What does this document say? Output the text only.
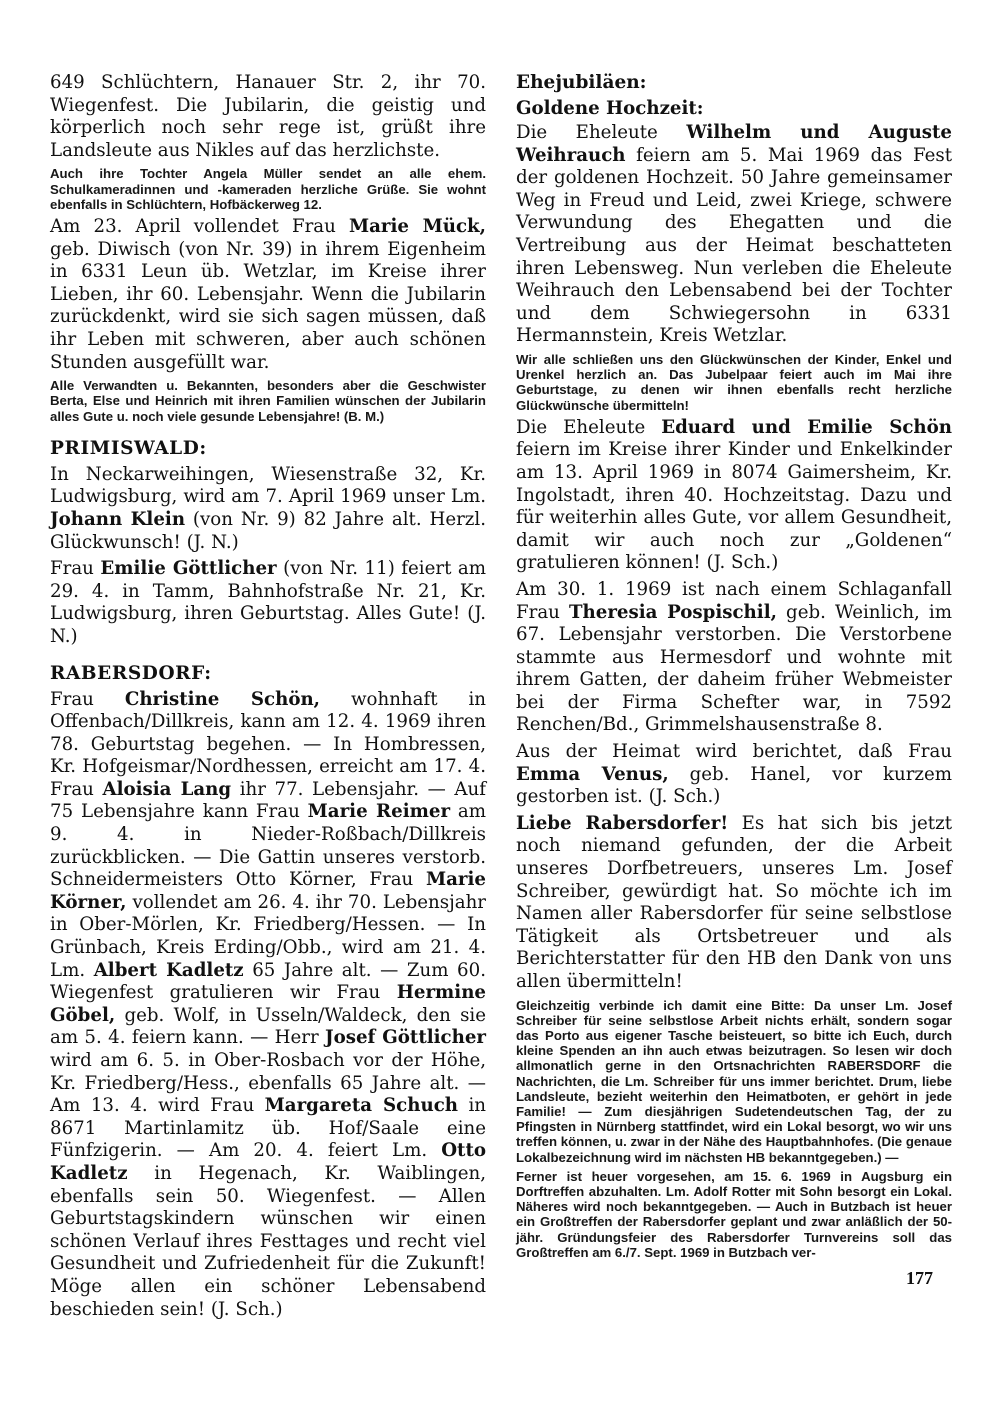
649 Schlüchtern, Hanauer Str. 2, ihr 70. Wiegenfest. Die Jubilarin, die geistig und körperlich noch sehr rege ist, grüßt ihre Landsleute aus Nikles auf das herzlichste.

Auch ihre Tochter Angela Müller sendet an alle ehem. Schulkameradinnen und -kameraden herzliche Grüße. Sie wohnt ebenfalls in Schlüchtern, Hofbäckerweg 12.

Am 23. April vollendet Frau Marie Mück, geb. Diwisch (von Nr. 39) in ihrem Eigenheim in 6331 Leun üb. Wetzlar, im Kreise ihrer Lieben, ihr 60. Lebensjahr. Wenn die Jubilarin zurückdenkt, wird sie sich sagen müssen, daß ihr Leben mit schweren, aber auch schönen Stunden ausgefüllt war.

Alle Verwandten u. Bekannten, besonders aber die Geschwister Berta, Else und Heinrich mit ihren Familien wünschen der Jubilarin alles Gute u. noch viele gesunde Lebensjahre! (B. M.)

PRIMISWALD:

In Neckarweihingen, Wiesenstraße 32, Kr. Ludwigsburg, wird am 7. April 1969 unser Lm. Johann Klein (von Nr. 9) 82 Jahre alt. Herzl. Glückwunsch! (J. N.)

Frau Emilie Göttlicher (von Nr. 11) feiert am 29. 4. in Tamm, Bahnhofstraße Nr. 21, Kr. Ludwigsburg, ihren Geburtstag. Alles Gute! (J. N.)

RABERSDORF:

Frau Christine Schön, wohnhaft in Offenbach/Dillkreis, kann am 12. 4. 1969 ihren 78. Geburtstag begehen. — In Hombressen, Kr. Hofgeismar/Nordhessen, erreicht am 17. 4. Frau Aloisia Lang ihr 77. Lebensjahr. — Auf 75 Lebensjahre kann Frau Marie Reimer am 9. 4. in Nieder-Roßbach/Dillkreis zurückblicken. — Die Gattin unseres verstorb. Schneidermeisters Otto Körner, Frau Marie Körner, vollendet am 26. 4. ihr 70. Lebensjahr in Ober-Mörlen, Kr. Friedberg/Hessen. — In Grünbach, Kreis Erding/Obb., wird am 21. 4. Lm. Albert Kadletz 65 Jahre alt. — Zum 60. Wiegenfest gratulieren wir Frau Hermine Göbel, geb. Wolf, in Usseln/Waldeck, den sie am 5. 4. feiern kann. — Herr Josef Göttlicher wird am 6. 5. in Ober-Rosbach vor der Höhe, Kr. Friedberg/Hess., ebenfalls 65 Jahre alt. — Am 13. 4. wird Frau Margareta Schuch in 8671 Martinlamitz üb. Hof/Saale eine Fünfzigerin. — Am 20. 4. feiert Lm. Otto Kadletz in Hegenach, Kr. Waiblingen, ebenfalls sein 50. Wiegenfest. — Allen Geburtstagskindern wünschen wir einen schönen Verlauf ihres Festtages und recht viel Gesundheit und Zufriedenheit für die Zukunft! Möge allen ein schöner Lebensabend beschieden sein! (J. Sch.)

Ehejubiläen:
Goldene Hochzeit:

Die Eheleute Wilhelm und Auguste Weihrauch feiern am 5. Mai 1969 das Fest der goldenen Hochzeit. 50 Jahre gemeinsamer Weg in Freud und Leid, zwei Kriege, schwere Verwundung des Ehegatten und die Vertreibung aus der Heimat beschatteten ihren Lebensweg. Nun verleben die Eheleute Weihrauch den Lebensabend bei der Tochter und dem Schwiegersohn in 6331 Hermannstein, Kreis Wetzlar.

Wir alle schließen uns den Glückwünschen der Kinder, Enkel und Urenkel herzlich an. Das Jubelpaar feiert auch im Mai ihre Geburtstage, zu denen wir ihnen ebenfalls recht herzliche Glückwünsche übermitteln!

Die Eheleute Eduard und Emilie Schön feiern im Kreise ihrer Kinder und Enkelkinder am 13. April 1969 in 8074 Gaimersheim, Kr. Ingolstadt, ihren 40. Hochzeitstag. Dazu und für weiterhin alles Gute, vor allem Gesundheit, damit wir auch noch zur „Goldenen“ gratulieren können! (J. Sch.)

Am 30. 1. 1969 ist nach einem Schlaganfall Frau Theresia Pospischil, geb. Weinlich, im 67. Lebensjahr verstorben. Die Verstorbene stammte aus Hermesdorf und wohnte mit ihrem Gatten, der daheim früher Webmeister bei der Firma Schefter war, in 7592 Renchen/Bd., Grimmelshausenstraße 8.

Aus der Heimat wird berichtet, daß Frau Emma Venus, geb. Hanel, vor kurzem gestorben ist. (J. Sch.)

Liebe Rabersdorfer! Es hat sich bis jetzt noch niemand gefunden, der die Arbeit unseres Dorfbetreuers, unseres Lm. Josef Schreiber, gewürdigt hat. So möchte ich im Namen aller Rabersdorfer für seine selbstlose Tätigkeit als Ortsbetreuer und als Berichterstatter für den HB den Dank von uns allen übermitteln!

Gleichzeitig verbinde ich damit eine Bitte: Da unser Lm. Josef Schreiber für seine selbstlose Arbeit nichts erhält, sondern sogar das Porto aus eigener Tasche beisteuert, so bitte ich Euch, durch kleine Spenden an ihn auch etwas beizutragen. So lesen wir doch allmonatlich gerne in den Ortsnachrichten RABERSDORF die Nachrichten, die Lm. Schreiber für uns immer berichtet. Drum, liebe Landsleute, bezieht weiterhin den Heimatboten, er gehört in jede Familie! — Zum diesjährigen Sudetendeutschen Tag, der zu Pfingsten in Nürnberg stattfindet, wird ein Lokal besorgt, wo wir uns treffen können, u. zwar in der Nähe des Hauptbahnhofes. (Die genaue Lokalbezeichnung wird im nächsten HB bekanntgegeben.) —

Ferner ist heuer vorgesehen, am 15. 6. 1969 in Augsburg ein Dorftreffen abzuhalten. Lm. Adolf Rotter mit Sohn besorgt ein Lokal. Näheres wird noch bekanntgegeben. — Auch in Butzbach ist heuer ein Großtreffen der Rabersdorfer geplant und zwar anläßlich der 50-jähr. Gründungsfeier des Rabersdorfer Turnvereins soll das Großtreffen am 6./7. Sept. 1969 in Butzbach ver-

177
